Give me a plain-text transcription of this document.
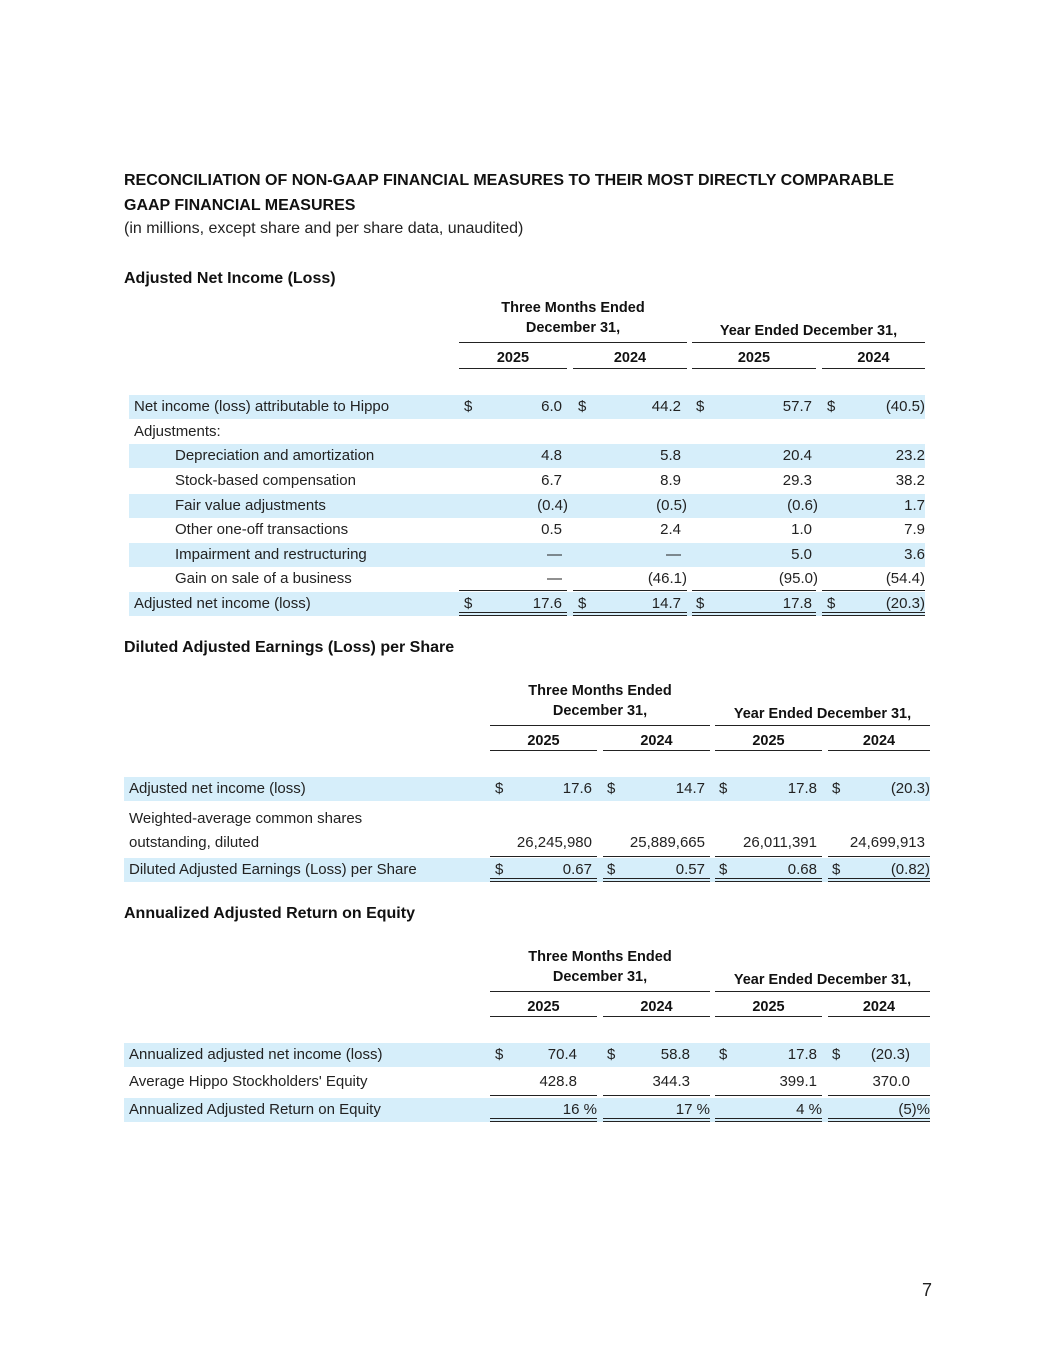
RECONCILIATION OF NON-GAAP FINANCIAL MEASURES TO THEIR MOST DIRECTLY COMPARABLE GAAP FINANCIAL MEASURES
(in millions, except share and per share data, unaudited)
Adjusted Net Income (Loss)
Three Months Ended
December 31,	Year Ended December 31,
2025	2024	2025	2024
Net income (loss) attributable to Hippo	$	6.0 $	44.2 $	57.7 $	(40.5)
Adjustments:
Depreciation and amortization	4.8	5.8	20.4	23.2
Stock-based compensation	6.7	8.9	29.3	38.2
Fair value adjustments	(0.4)	(0.5)	(0.6)	1.7
Other one-off transactions	0.5	2.4	1.0	7.9
Impairment and restructuring	—	—	5.0	3.6
Gain on sale of a business	—	(46.1)	(95.0)	(54.4)
Adjusted net income (loss)	$	17.6 $	14.7 $	17.8 $	(20.3)
Diluted Adjusted Earnings (Loss) per Share
Three Months Ended
December 31,	Year Ended December 31,
2025	2024	2025	2024
Adjusted net income (loss)	$	17.6 $	14.7 $	17.8 $	(20.3)
Weighted-average common shares
outstanding, diluted	26,245,980	25,889,665	26,011,391 24,699,913
Diluted Adjusted Earnings (Loss) per Share	$	0.67 $	0.57 $	0.68 $	(0.82)
Annualized Adjusted Return on Equity
Three Months Ended
December 31,	Year Ended December 31,
2025	2024	2025	2024
Annualized adjusted net income (loss)	$	70.4 $	58.8 $	17.8 $ (20.3)
Average Hippo Stockholders' Equity	428.8	344.3	399.1	370.0
Annualized Adjusted Return on Equity	16 %	17 %	4 %	(5)%
7
